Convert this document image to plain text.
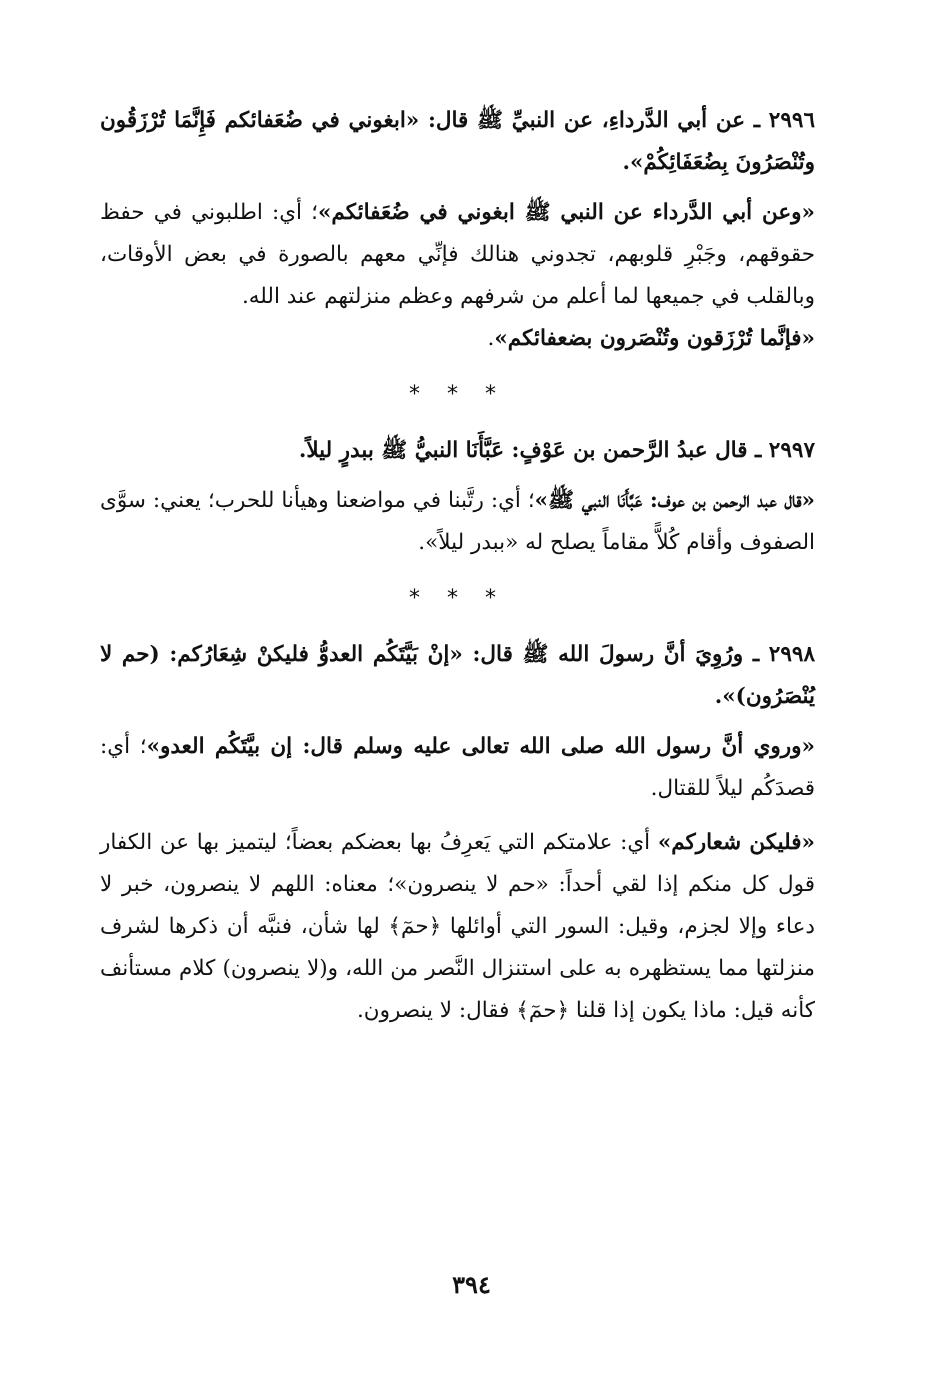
٢٩٩٦ ـ عن أبي الدَّرداءِ، عن النبيِّ ﷺ قال: «ابغوني في ضُعَفائكم فَإِنَّمَا تُرْزَقُون وتُنْصَرُونَ بِضُعَفَائِكُمْ».

«وعن أبي الدَّرداء عن النبي ﷺ ابغوني في ضُعَفائكم»؛ أي: اطلبوني في حفظ حقوقهم، وجَبْرِ قلوبهم، تجدوني هنالك فإنِّي معهم بالصورة في بعض الأوقات، وبالقلب في جميعها لما أعلم من شرفهم وعظم منزلتهم عند الله.

«فإنَّما تُرْزَقون وتُنْصَرون بضعفائكم».

* * *

٢٩٩٧ ـ قال عبدُ الرَّحمن بن عَوْفٍ: عَبَّأَنَا النبيُّ ﷺ ببدرٍ ليلاً.

«قال عبد الرحمن بن عوف: عَبَّأَنَا النبي ﷺ»؛ أي: رتَّبنا في مواضعنا وهيأنا للحرب؛ يعني: سوَّى الصفوف وأقام كُلاًّ مقاماً يصلح له «ببدر ليلاً».

* * *

٢٩٩٨ ـ ورُوِيَ أنَّ رسولَ الله ﷺ قال: «إنْ بَيَّتَكُم العدوُّ فليكنْ شِعَارُكم: (حم لا يُنْصَرُون)».

«وروي أنَّ رسول الله صلى الله تعالى عليه وسلم قال: إن بيَّتَكُم العدو»؛ أي: قصدَكُم ليلاً للقتال.

«فليكن شعاركم» أي: علامتكم التي يَعرِفُ بها بعضكم بعضاً؛ ليتميز بها عن الكفار قول كل منكم إذا لقي أحداً: «حم لا ينصرون»؛ معناه: اللهم لا ينصرون، خبر لا دعاء وإلا لجزم، وقيل: السور التي أوائلها ﴿حمٓ﴾ لها شأن، فنبَّه أن ذكرها لشرف منزلتها مما يستظهره به على استنزال النَّصر من الله، و(لا ينصرون) كلام مستأنف كأنه قيل: ماذا يكون إذا قلنا ﴿حمٓ﴾ فقال: لا ينصرون.

٣٩٤
